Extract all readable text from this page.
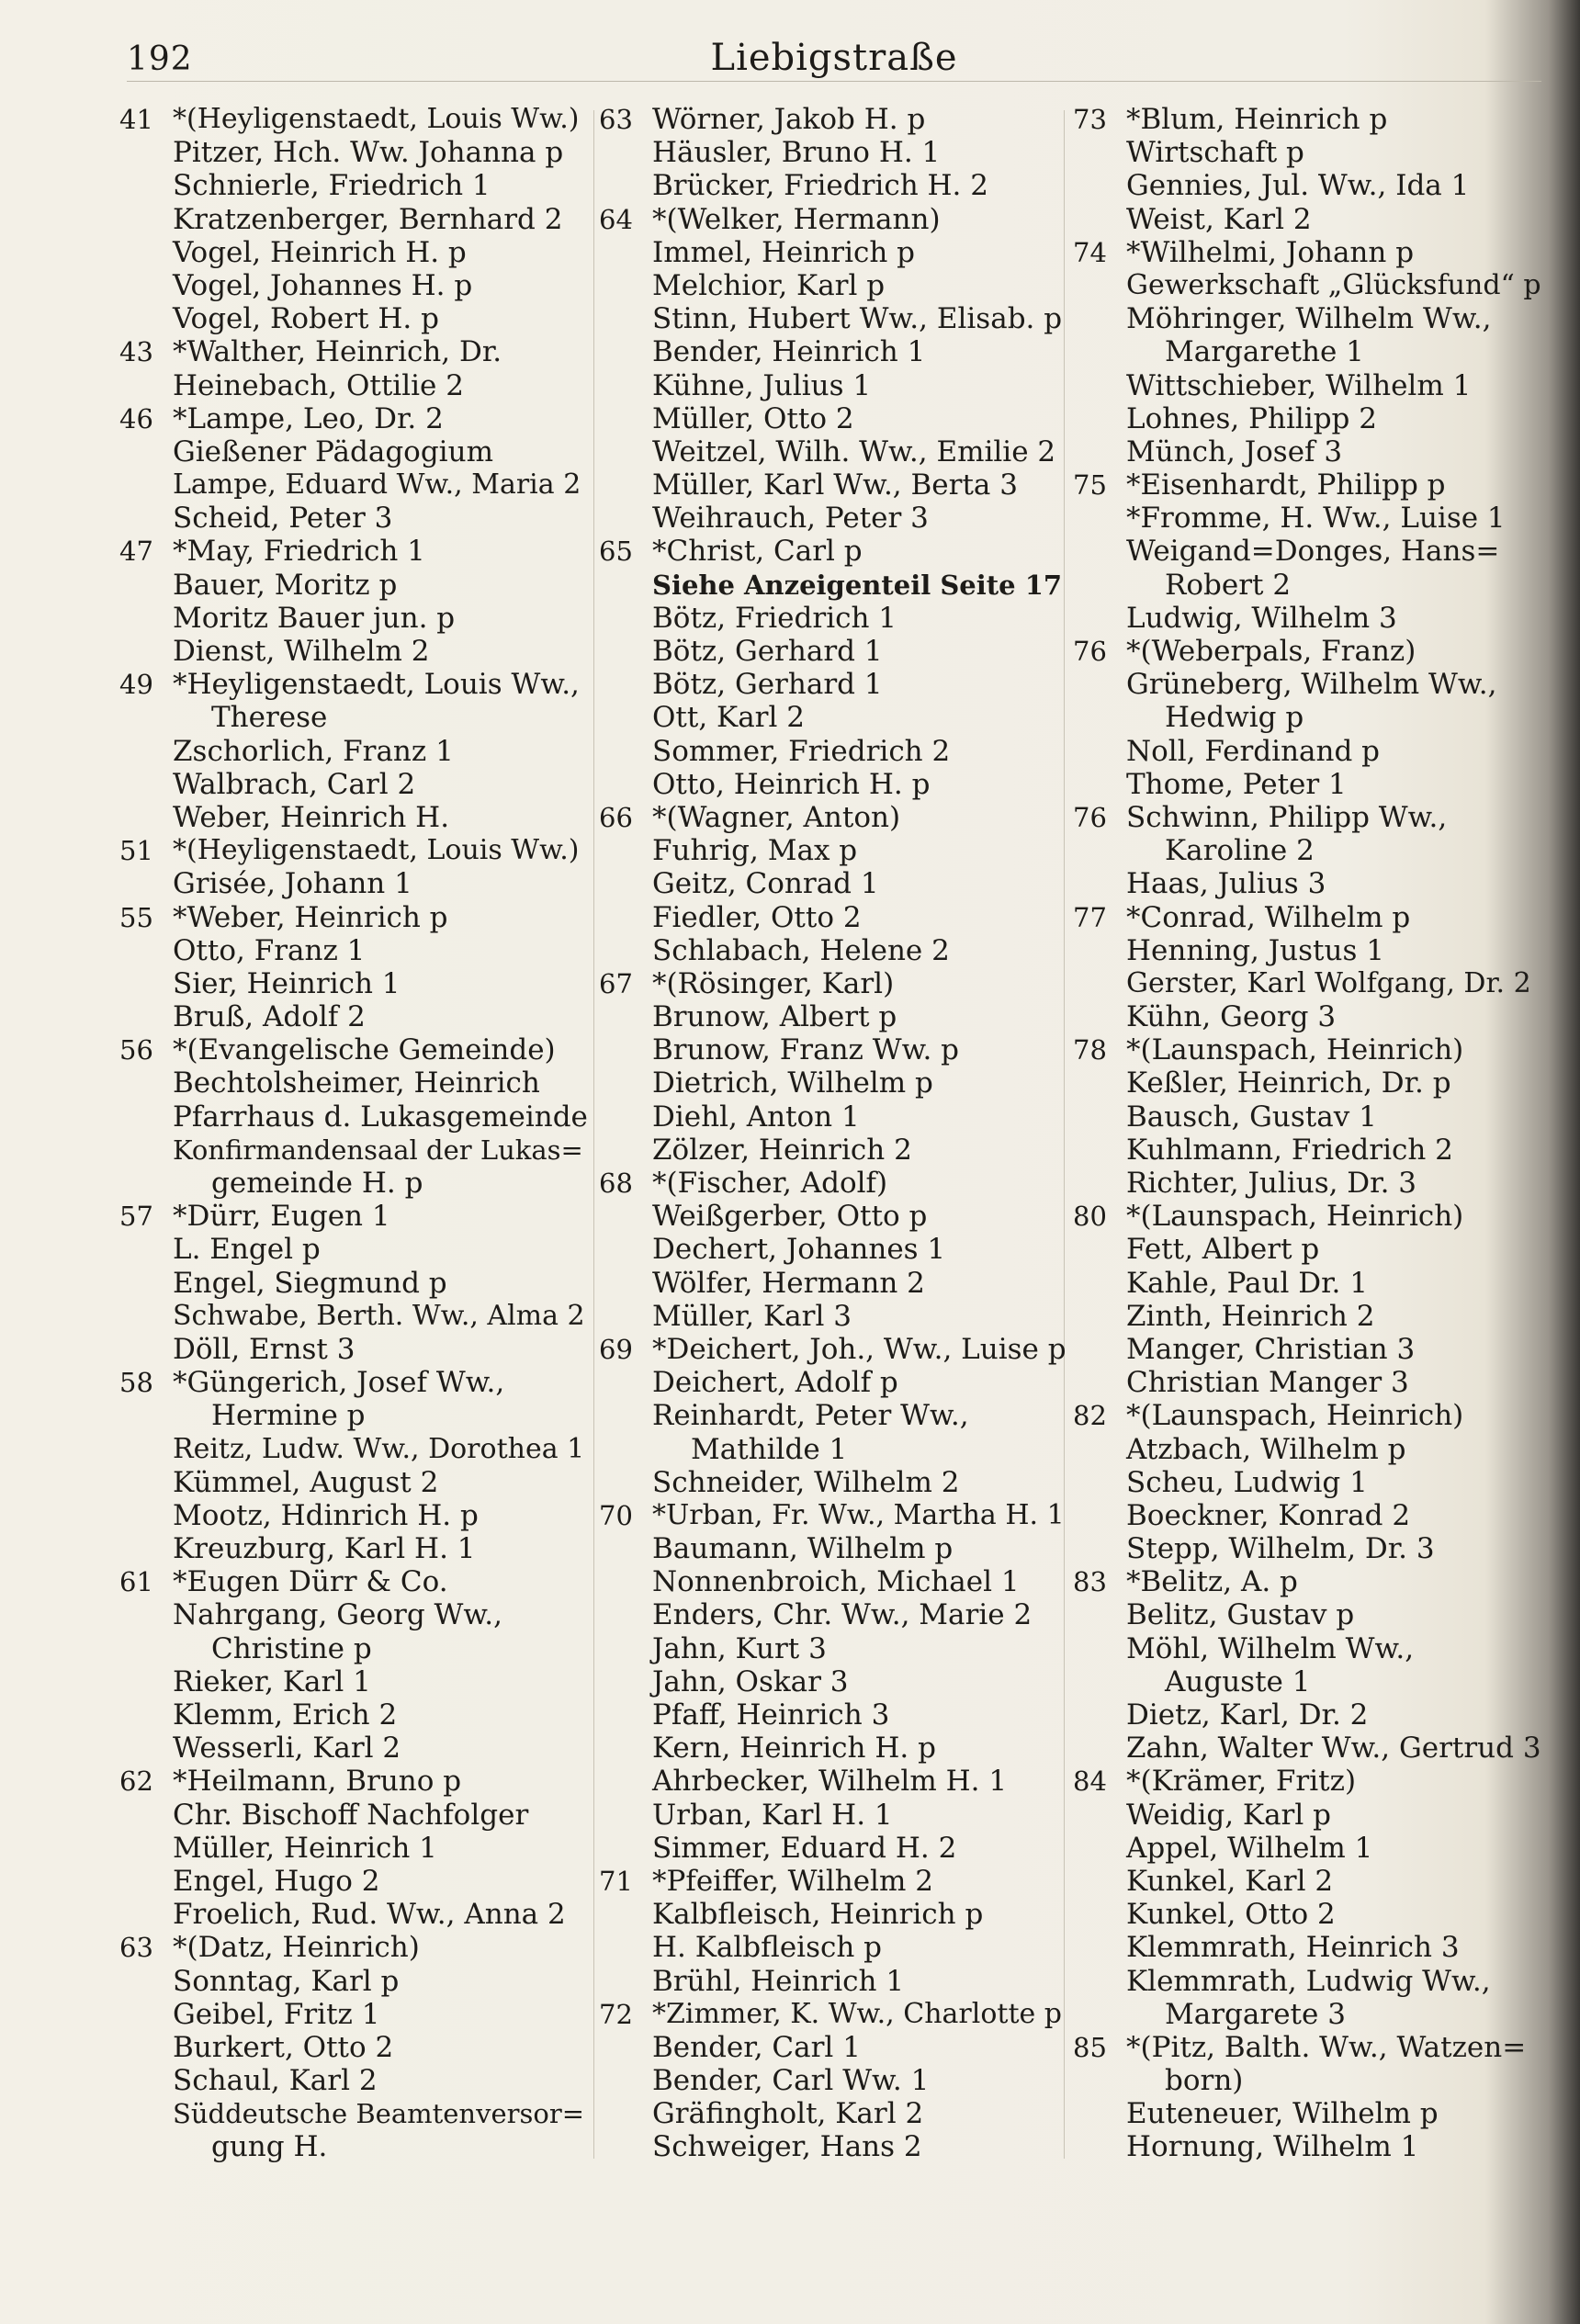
192	Liebigstraße
41 *(Heyligenstaedt, Louis Ww.)
Pitzer, Hch. Ww. Johanna p
Schnierle, Friedrich 1
Kratzenberger, Bernhard 2
Vogel, Heinrich H. p
Vogel, Johannes H. p
Vogel, Robert H. p
43 *Walther, Heinrich, Dr.
Heinebach, Ottilie 2
46 *Lampe, Leo, Dr. 2
Gießener Pädagogium
Lampe, Eduard Ww., Maria 2
Scheid, Peter 3
47 *May, Friedrich 1
Bauer, Moritz p
Moritz Bauer jun. p
Dienst, Wilhelm 2
49 *Heyligenstaedt, Louis Ww.,
Therese
Zschorlich, Franz 1
Walbrach, Carl 2
Weber, Heinrich H.
51 *(Heyligenstaedt, Louis Ww.)
Grisée, Johann 1
55 *Weber, Heinrich p
Otto, Franz 1
Sier, Heinrich 1
Bruß, Adolf 2
56 *(Evangelische Gemeinde)
Bechtolsheimer, Heinrich
Pfarrhaus d. Lukasgemeinde
Konfirmandensaal der Lukas=
gemeinde H. p
57 *Dürr, Eugen 1
L. Engel p
Engel, Siegmund p
Schwabe, Berth. Ww., Alma 2
Döll, Ernst 3
58 *Güngerich, Josef Ww.,
Hermine p
Reitz, Ludw. Ww., Dorothea 1
Kümmel, August 2
Mootz, Hdinrich H. p
Kreuzburg, Karl H. 1
61 *Eugen Dürr & Co.
Nahrgang, Georg Ww.,
Christine p
Rieker, Karl 1
Klemm, Erich 2
Wesserli, Karl 2
62 *Heilmann, Bruno p
Chr. Bischoff Nachfolger
Müller, Heinrich 1
Engel, Hugo 2
Froelich, Rud. Ww., Anna 2
63 *(Datz, Heinrich)
Sonntag, Karl p
Geibel, Fritz 1
Burkert, Otto 2
Schaul, Karl 2
Süddeutsche Beamtenversor=
gung H.
63 Wörner, Jakob H. p
Häusler, Bruno H. 1
Brücker, Friedrich H. 2
64 *(Welker, Hermann)
Immel, Heinrich p
Melchior, Karl p
Stinn, Hubert Ww., Elisab. p
Bender, Heinrich 1
Kühne, Julius 1
Müller, Otto 2
Weitzel, Wilh. Ww., Emilie 2
Müller, Karl Ww., Berta 3
Weihrauch, Peter 3
65 *Christ, Carl p
Siehe Anzeigenteil Seite 17
Bötz, Friedrich 1
Bötz, Gerhard 1
Bötz, Gerhard 1
Ott, Karl 2
Sommer, Friedrich 2
Otto, Heinrich H. p
66 *(Wagner, Anton)
Fuhrig, Max p
Geitz, Conrad 1
Fiedler, Otto 2
Schlabach, Helene 2
67 *(Rösinger, Karl)
Brunow, Albert p
Brunow, Franz Ww. p
Dietrich, Wilhelm p
Diehl, Anton 1
Zölzer, Heinrich 2
68 *(Fischer, Adolf)
Weißgerber, Otto p
Dechert, Johannes 1
Wölfer, Hermann 2
Müller, Karl 3
69 *Deichert, Joh., Ww., Luise p
Deichert, Adolf p
Reinhardt, Peter Ww.,
Mathilde 1
Schneider, Wilhelm 2
70 *Urban, Fr. Ww., Martha H. 1
Baumann, Wilhelm p
Nonnenbroich, Michael 1
Enders, Chr. Ww., Marie 2
Jahn, Kurt 3
Jahn, Oskar 3
Pfaff, Heinrich 3
Kern, Heinrich H. p
Ahrbecker, Wilhelm H. 1
Urban, Karl H. 1
Simmer, Eduard H. 2
71 *Pfeiffer, Wilhelm 2
Kalbfleisch, Heinrich p
H. Kalbfleisch p
Brühl, Heinrich 1
72 *Zimmer, K. Ww., Charlotte p
Bender, Carl 1
Bender, Carl Ww. 1
Gräfingholt, Karl 2
Schweiger, Hans 2
73 *Blum, Heinrich p
Wirtschaft p
Gennies, Jul. Ww., Ida 1
Weist, Karl 2
74 *Wilhelmi, Johann p
Gewerkschaft „Glücksfund“ p
Möhringer, Wilhelm Ww.,
Margarethe 1
Wittschieber, Wilhelm 1
Lohnes, Philipp 2
Münch, Josef 3
75 *Eisenhardt, Philipp p
*Fromme, H. Ww., Luise 1
Weigand=Donges, Hans=
Robert 2
Ludwig, Wilhelm 3
76 *(Weberpals, Franz)
Grüneberg, Wilhelm Ww.,
Hedwig p
Noll, Ferdinand p
Thome, Peter 1
76 Schwinn, Philipp Ww.,
Karoline 2
Haas, Julius 3
77 *Conrad, Wilhelm p
Henning, Justus 1
Gerster, Karl Wolfgang, Dr. 2
Kühn, Georg 3
78 *(Launspach, Heinrich)
Keßler, Heinrich, Dr. p
Bausch, Gustav 1
Kuhlmann, Friedrich 2
Richter, Julius, Dr. 3
80 *(Launspach, Heinrich)
Fett, Albert p
Kahle, Paul Dr. 1
Zinth, Heinrich 2
Manger, Christian 3
Christian Manger 3
82 *(Launspach, Heinrich)
Atzbach, Wilhelm p
Scheu, Ludwig 1
Boeckner, Konrad 2
Stepp, Wilhelm, Dr. 3
83 *Belitz, A. p
Belitz, Gustav p
Möhl, Wilhelm Ww.,
Auguste 1
Dietz, Karl, Dr. 2
Zahn, Walter Ww., Gertrud 3
84 *(Krämer, Fritz)
Weidig, Karl p
Appel, Wilhelm 1
Kunkel, Karl 2
Kunkel, Otto 2
Klemmrath, Heinrich 3
Klemmrath, Ludwig Ww.,
Margarete 3
85 *(Pitz, Balth. Ww., Watzen=
born)
Euteneuer, Wilhelm p
Hornung, Wilhelm 1
